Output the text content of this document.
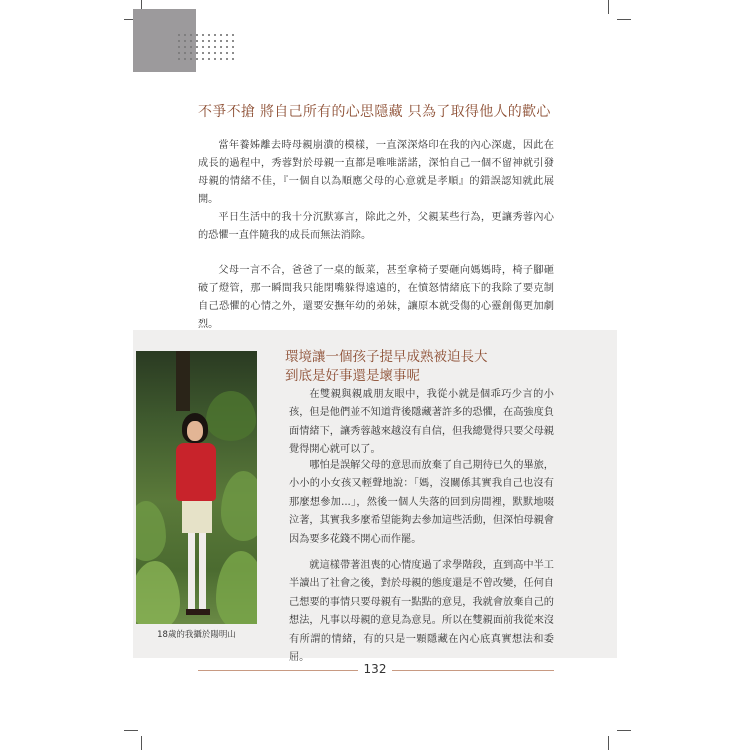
不爭不搶 將自己所有的心思隱藏 只為了取得他人的歡心

當年養姊離去時母親崩潰的模樣，一直深深烙印在我的內心深處，因此在成長的過程中，秀蓉對於母親一直都是唯唯諾諾，深怕自己一個不留神就引發母親的情緒不佳，『一個自以為順應父母的心意就是孝順』的錯誤認知就此展開。

平日生活中的我十分沉默寡言，除此之外，父親某些行為，更讓秀蓉內心的恐懼一直伴隨我的成長而無法消除。

父母一言不合，爸爸了一桌的飯菜，甚至拿椅子要砸向媽媽時，椅子腳砸破了燈管，那一瞬間我只能閉嘴躲得遠遠的，在憤怒情緒底下的我除了要克制自己恐懼的心情之外，還要安撫年幼的弟妹，讓原本就受傷的心靈創傷更加劇烈。

18歲的我攝於陽明山
環境讓一個孩子提早成熟被迫長大
到底是好事還是壞事呢

在雙親與親戚朋友眼中，我從小就是個乖巧少言的小孩，但是他們並不知道背後隱藏著許多的恐懼，在高強度負面情緒下，讓秀蓉越來越沒有自信，但我總覺得只要父母親覺得開心就可以了。

哪怕是誤解父母的意思而放棄了自己期待已久的畢旅，小小的小女孩又輕聲地說：「媽，沒關係其實我自己也沒有那麼想參加...」，然後一個人失落的回到房間裡，默默地啜泣著，其實我多麼希望能夠去參加這些活動，但深怕母親會因為要多花錢不開心而作罷。

就這樣帶著沮喪的心情度過了求學階段，直到高中半工半讀出了社會之後，對於母親的態度還是不曾改變，任何自己想要的事情只要母親有一點點的意見，我就會放棄自己的想法，凡事以母親的意見為意見。所以在雙親面前我從來沒有所謂的情緒，有的只是一顆隱藏在內心底真實想法和委屈。

132
